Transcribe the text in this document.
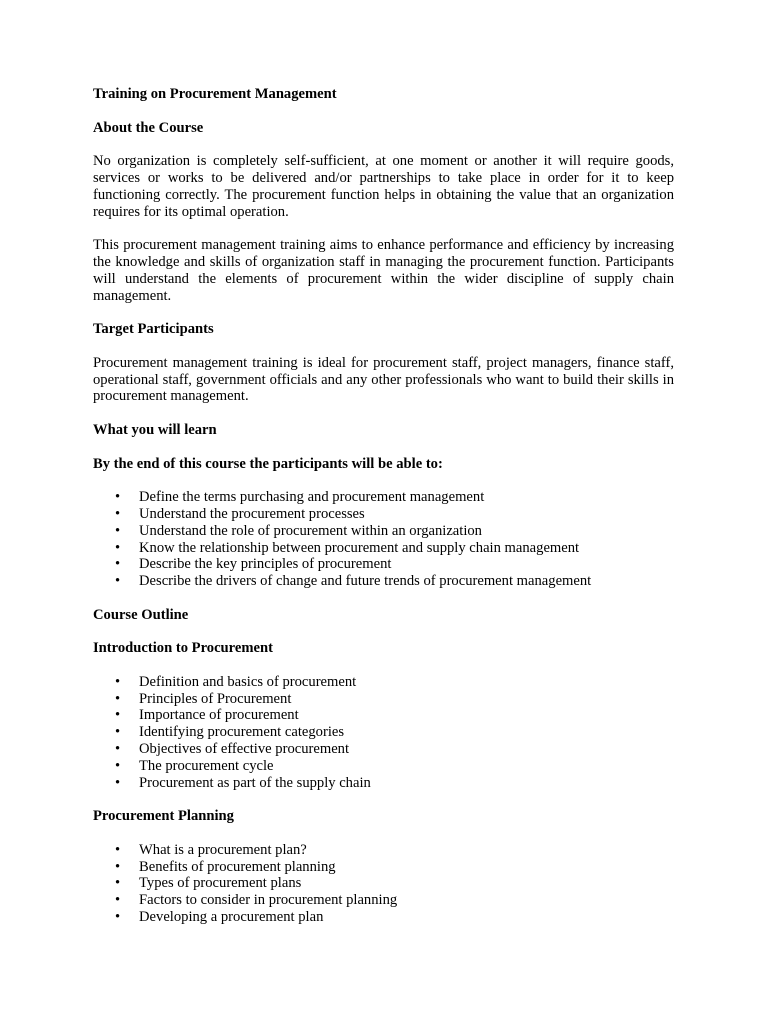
Training on Procurement Management

About the Course

No organization is completely self-sufficient, at one moment or another it will require goods, services or works to be delivered and/or partnerships to take place in order for it to keep functioning correctly. The procurement function helps in obtaining the value that an organization requires for its optimal operation.

This procurement management training aims to enhance performance and efficiency by increasing the knowledge and skills of organization staff in managing the procurement function. Participants will understand the elements of procurement within the wider discipline of supply chain management.

Target Participants

Procurement management training is ideal for procurement staff, project managers, finance staff, operational staff, government officials and any other professionals who want to build their skills in procurement management.

What you will learn

By the end of this course the participants will be able to:

• Define the terms purchasing and procurement management
• Understand the procurement processes
• Understand the role of procurement within an organization
• Know the relationship between procurement and supply chain management
• Describe the key principles of procurement
• Describe the drivers of change and future trends of procurement management

Course Outline

Introduction to Procurement

• Definition and basics of procurement
• Principles of Procurement
• Importance of procurement
• Identifying procurement categories
• Objectives of effective procurement
• The procurement cycle
• Procurement as part of the supply chain

Procurement Planning

• What is a procurement plan?
• Benefits of procurement planning
• Types of procurement plans
• Factors to consider in procurement planning
• Developing a procurement plan
